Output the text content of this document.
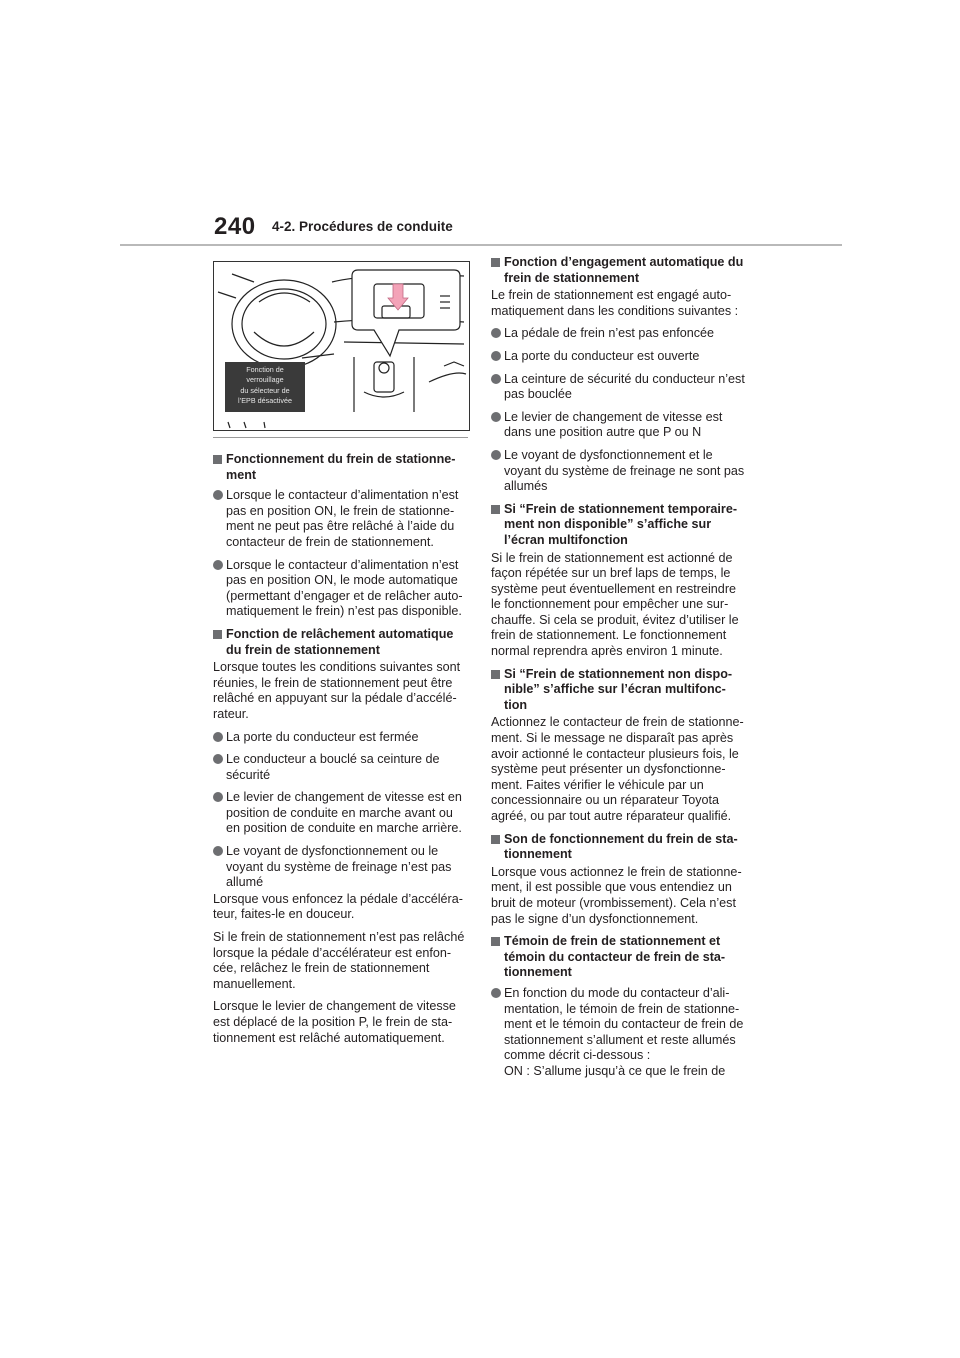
240 4-2. Procédures de conduite
Fonction de
verrouillage
du sélecteur de
l’EPB désactivée
Fonctionnement du frein de stationne-
ment
Lorsque le contacteur d’alimentation n’est
pas en position ON, le frein de stationne-
ment ne peut pas être relâché à l’aide du
contacteur de frein de stationnement.
Lorsque le contacteur d’alimentation n’est
pas en position ON, le mode automatique
(permettant d’engager et de relâcher auto-
matiquement le frein) n’est pas disponible.
Fonction de relâchement automatique
du frein de stationnement
Lorsque toutes les conditions suivantes sont
réunies, le frein de stationnement peut être
relâché en appuyant sur la pédale d’accélé-
rateur.
La porte du conducteur est fermée
Le conducteur a bouclé sa ceinture de
sécurité
Le levier de changement de vitesse est en
position de conduite en marche avant ou
en position de conduite en marche arrière.
Le voyant de dysfonctionnement ou le
voyant du système de freinage n’est pas
allumé
Lorsque vous enfoncez la pédale d’accéléra-
teur, faites-le en douceur.
Si le frein de stationnement n’est pas relâché
lorsque la pédale d’accélérateur est enfon-
cée, relâchez le frein de stationnement
manuellement.
Lorsque le levier de changement de vitesse
est déplacé de la position P, le frein de sta-
tionnement est relâché automatiquement.
Fonction d’engagement automatique du
frein de stationnement
Le frein de stationnement est engagé auto-
matiquement dans les conditions suivantes :
La pédale de frein n’est pas enfoncée
La porte du conducteur est ouverte
La ceinture de sécurité du conducteur n’est
pas bouclée
Le levier de changement de vitesse est
dans une position autre que P ou N
Le voyant de dysfonctionnement et le
voyant du système de freinage ne sont pas
allumés
Si “Frein de stationnement temporaire-
ment non disponible” s’affiche sur
l’écran multifonction
Si le frein de stationnement est actionné de
façon répétée sur un bref laps de temps, le
système peut éventuellement en restreindre
le fonctionnement pour empêcher une sur-
chauffe. Si cela se produit, évitez d’utiliser le
frein de stationnement. Le fonctionnement
normal reprendra après environ 1 minute.
Si “Frein de stationnement non dispo-
nible” s’affiche sur l’écran multifonc-
tion
Actionnez le contacteur de frein de stationne-
ment. Si le message ne disparaît pas après
avoir actionné le contacteur plusieurs fois, le
système peut présenter un dysfonctionne-
ment. Faites vérifier le véhicule par un
concessionnaire ou un réparateur Toyota
agréé, ou par tout autre réparateur qualifié.
Son de fonctionnement du frein de sta-
tionnement
Lorsque vous actionnez le frein de stationne-
ment, il est possible que vous entendiez un
bruit de moteur (vrombissement). Cela n’est
pas le signe d’un dysfonctionnement.
Témoin de frein de stationnement et
témoin du contacteur de frein de sta-
tionnement
En fonction du mode du contacteur d’ali-
mentation, le témoin de frein de stationne-
ment et le témoin du contacteur de frein de
stationnement s’allument et reste allumés
comme décrit ci-dessous :
ON : S’allume jusqu’à ce que le frein de
